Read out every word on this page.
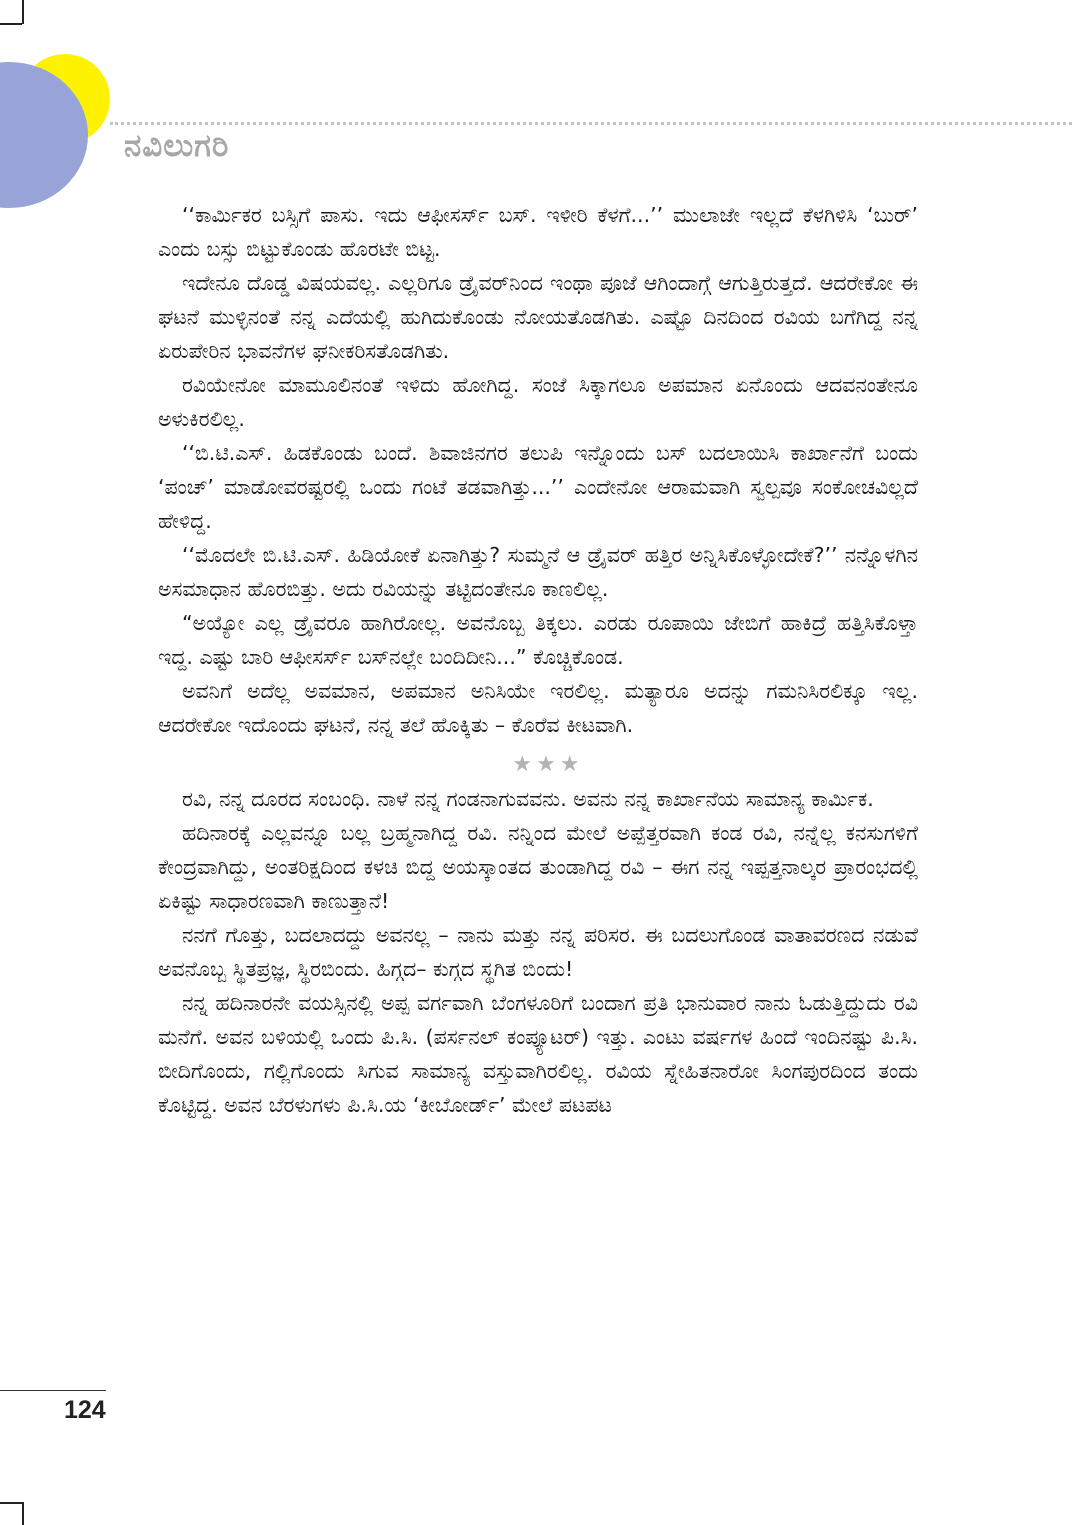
ನವಿಲುಗರಿ

‘‘ಕಾರ್ಮಿಕರ ಬಸ್ಸಿಗೆ ಪಾಸು. ಇದು ಆಫೀಸರ್ಸ್ ಬಸ್. ಇಳೀರಿ ಕೆಳಗೆ...’’ ಮುಲಾಜೇ ಇಲ್ಲದೆ ಕೆಳಗಿಳಿಸಿ ‘ಬುರ್’ ಎಂದು ಬಸ್ಸು ಬಿಟ್ಟುಕೊಂಡು ಹೊರಟೇ ಬಿಟ್ಟ.

ಇದೇನೂ ದೊಡ್ಡ ವಿಷಯವಲ್ಲ. ಎಲ್ಲರಿಗೂ ಡ್ರೈವರ್‌ನಿಂದ ಇಂಥಾ ಪೂಜೆ ಆಗಿಂದಾಗ್ಗೆ ಆಗುತ್ತಿರುತ್ತದೆ. ಆದರೇಕೋ ಈ ಘಟನೆ ಮುಳ್ಳಿನಂತೆ ನನ್ನ ಎದೆಯಲ್ಲಿ ಹುಗಿದುಕೊಂಡು ನೋಯತೊಡಗಿತು. ಎಷ್ಟೊ ದಿನದಿಂದ ರವಿಯ ಬಗೆಗಿದ್ದ ನನ್ನ ಏರುಪೇರಿನ ಭಾವನೆಗಳ ಘನೀಕರಿಸತೊಡಗಿತು.

ರವಿಯೇನೋ ಮಾಮೂಲಿನಂತೆ ಇಳಿದು ಹೋಗಿದ್ದ. ಸಂಜೆ ಸಿಕ್ಕಾಗಲೂ ಅಪಮಾನ ಏನೊಂದು ಆದವನಂತೇನೂ ಅಳುಕಿರಲಿಲ್ಲ.

‘‘ಬಿ.ಟಿ.ಎಸ್. ಹಿಡಕೊಂಡು ಬಂದೆ. ಶಿವಾಜಿನಗರ ತಲುಪಿ ಇನ್ನೊಂದು ಬಸ್ ಬದಲಾಯಿಸಿ ಕಾರ್ಖಾನೆಗೆ ಬಂದು ‘ಪಂಚ್’ ಮಾಡೋವರಷ್ಟರಲ್ಲಿ ಒಂದು ಗಂಟೆ ತಡವಾಗಿತ್ತು...’’ ಎಂದೇನೋ ಆರಾಮವಾಗಿ ಸ್ವಲ್ಪವೂ ಸಂಕೋಚವಿಲ್ಲದೆ ಹೇಳಿದ್ದ.

‘‘ಮೊದಲೇ ಬಿ.ಟಿ.ಎಸ್. ಹಿಡಿಯೋಕೆ ಏನಾಗಿತ್ತು? ಸುಮ್ಮನೆ ಆ ಡ್ರೈವರ್ ಹತ್ತಿರ ಅನ್ನಿಸಿಕೊಳ್ಳೋದೇಕೆ?’’ ನನ್ನೊಳಗಿನ ಅಸಮಾಧಾನ ಹೊರಬಿತ್ತು. ಅದು ರವಿಯನ್ನು ತಟ್ಟಿದಂತೇನೂ ಕಾಣಲಿಲ್ಲ.

“ಅಯ್ಯೋ ಎಲ್ಲ ಡ್ರೈವರೂ ಹಾಗಿರೋಲ್ಲ. ಅವನೊಬ್ಬ ತಿಕ್ಕಲು. ಎರಡು ರೂಪಾಯಿ ಜೇಬಿಗೆ ಹಾಕಿದ್ರೆ ಹತ್ತಿಸಿಕೊಳ್ತಾ ಇದ್ದ. ಎಷ್ಟು ಬಾರಿ ಆಫೀಸರ್ಸ್ ಬಸ್‌ನಲ್ಲೇ ಬಂದಿದೀನಿ...” ಕೊಚ್ಚಿಕೊಂಡ.

ಅವನಿಗೆ ಅದೆಲ್ಲ ಅವಮಾನ, ಅಪಮಾನ ಅನಿಸಿಯೇ ಇರಲಿಲ್ಲ. ಮತ್ಯಾರೂ ಅದನ್ನು ಗಮನಿಸಿರಲಿಕ್ಕೂ ಇಲ್ಲ. ಆದರೇಕೋ ಇದೊಂದು ಘಟನೆ, ನನ್ನ ತಲೆ ಹೊಕ್ಕಿತು – ಕೊರೆವ ಕೀಟವಾಗಿ.

★★★

ರವಿ, ನನ್ನ ದೂರದ ಸಂಬಂಧಿ. ನಾಳೆ ನನ್ನ ಗಂಡನಾಗುವವನು. ಅವನು ನನ್ನ ಕಾರ್ಖಾನೆಯ ಸಾಮಾನ್ಯ ಕಾರ್ಮಿಕ.

ಹದಿನಾರಕ್ಕೆ ಎಲ್ಲವನ್ನೂ ಬಲ್ಲ ಬ್ರಹ್ಮನಾಗಿದ್ದ ರವಿ. ನನ್ನಿಂದ ಮೇಲೆ ಅಪ್ಪೆತ್ತರವಾಗಿ ಕಂಡ ರವಿ, ನನ್ನೆಲ್ಲ ಕನಸುಗಳಿಗೆ ಕೇಂದ್ರವಾಗಿದ್ದು, ಅಂತರಿಕ್ಷದಿಂದ ಕಳಚಿ ಬಿದ್ದ ಅಯಸ್ಕಾಂತದ ತುಂಡಾಗಿದ್ದ ರವಿ – ಈಗ ನನ್ನ ಇಪ್ಪತ್ತನಾಲ್ಕರ ಪ್ರಾರಂಭದಲ್ಲಿ ಏಕಿಷ್ಟು ಸಾಧಾರಣವಾಗಿ ಕಾಣುತ್ತಾನೆ!

ನನಗೆ ಗೊತ್ತು, ಬದಲಾದದ್ದು ಅವನಲ್ಲ – ನಾನು ಮತ್ತು ನನ್ನ ಪರಿಸರ. ಈ ಬದಲುಗೊಂಡ ವಾತಾವರಣದ ನಡುವೆ ಅವನೊಬ್ಬ ಸ್ಥಿತಪ್ರಜ್ಞ, ಸ್ಥಿರಬಿಂದು. ಹಿಗ್ಗದ– ಕುಗ್ಗದ ಸ್ಥಗಿತ ಬಿಂದು!

ನನ್ನ ಹದಿನಾರನೇ ವಯಸ್ಸಿನಲ್ಲಿ ಅಪ್ಪ ವರ್ಗವಾಗಿ ಬೆಂಗಳೂರಿಗೆ ಬಂದಾಗ ಪ್ರತಿ ಭಾನುವಾರ ನಾನು ಓಡುತ್ತಿದ್ದುದು ರವಿ ಮನೆಗೆ. ಅವನ ಬಳಿಯಲ್ಲಿ ಒಂದು ಪಿ.ಸಿ. (ಪರ್ಸನಲ್ ಕಂಪ್ಯೂಟರ್) ಇತ್ತು. ಎಂಟು ವರ್ಷಗಳ ಹಿಂದೆ ಇಂದಿನಷ್ಟು ಪಿ.ಸಿ. ಬೀದಿಗೊಂದು, ಗಲ್ಲಿಗೊಂದು ಸಿಗುವ ಸಾಮಾನ್ಯ ವಸ್ತುವಾಗಿರಲಿಲ್ಲ. ರವಿಯ ಸ್ನೇಹಿತನಾರೋ ಸಿಂಗಪುರದಿಂದ ತಂದು ಕೊಟ್ಟಿದ್ದ. ಅವನ ಬೆರಳುಗಳು ಪಿ.ಸಿ.ಯ ‘ಕೀಬೋರ್ಡ್’ ಮೇಲೆ ಪಟಪಟ

124
